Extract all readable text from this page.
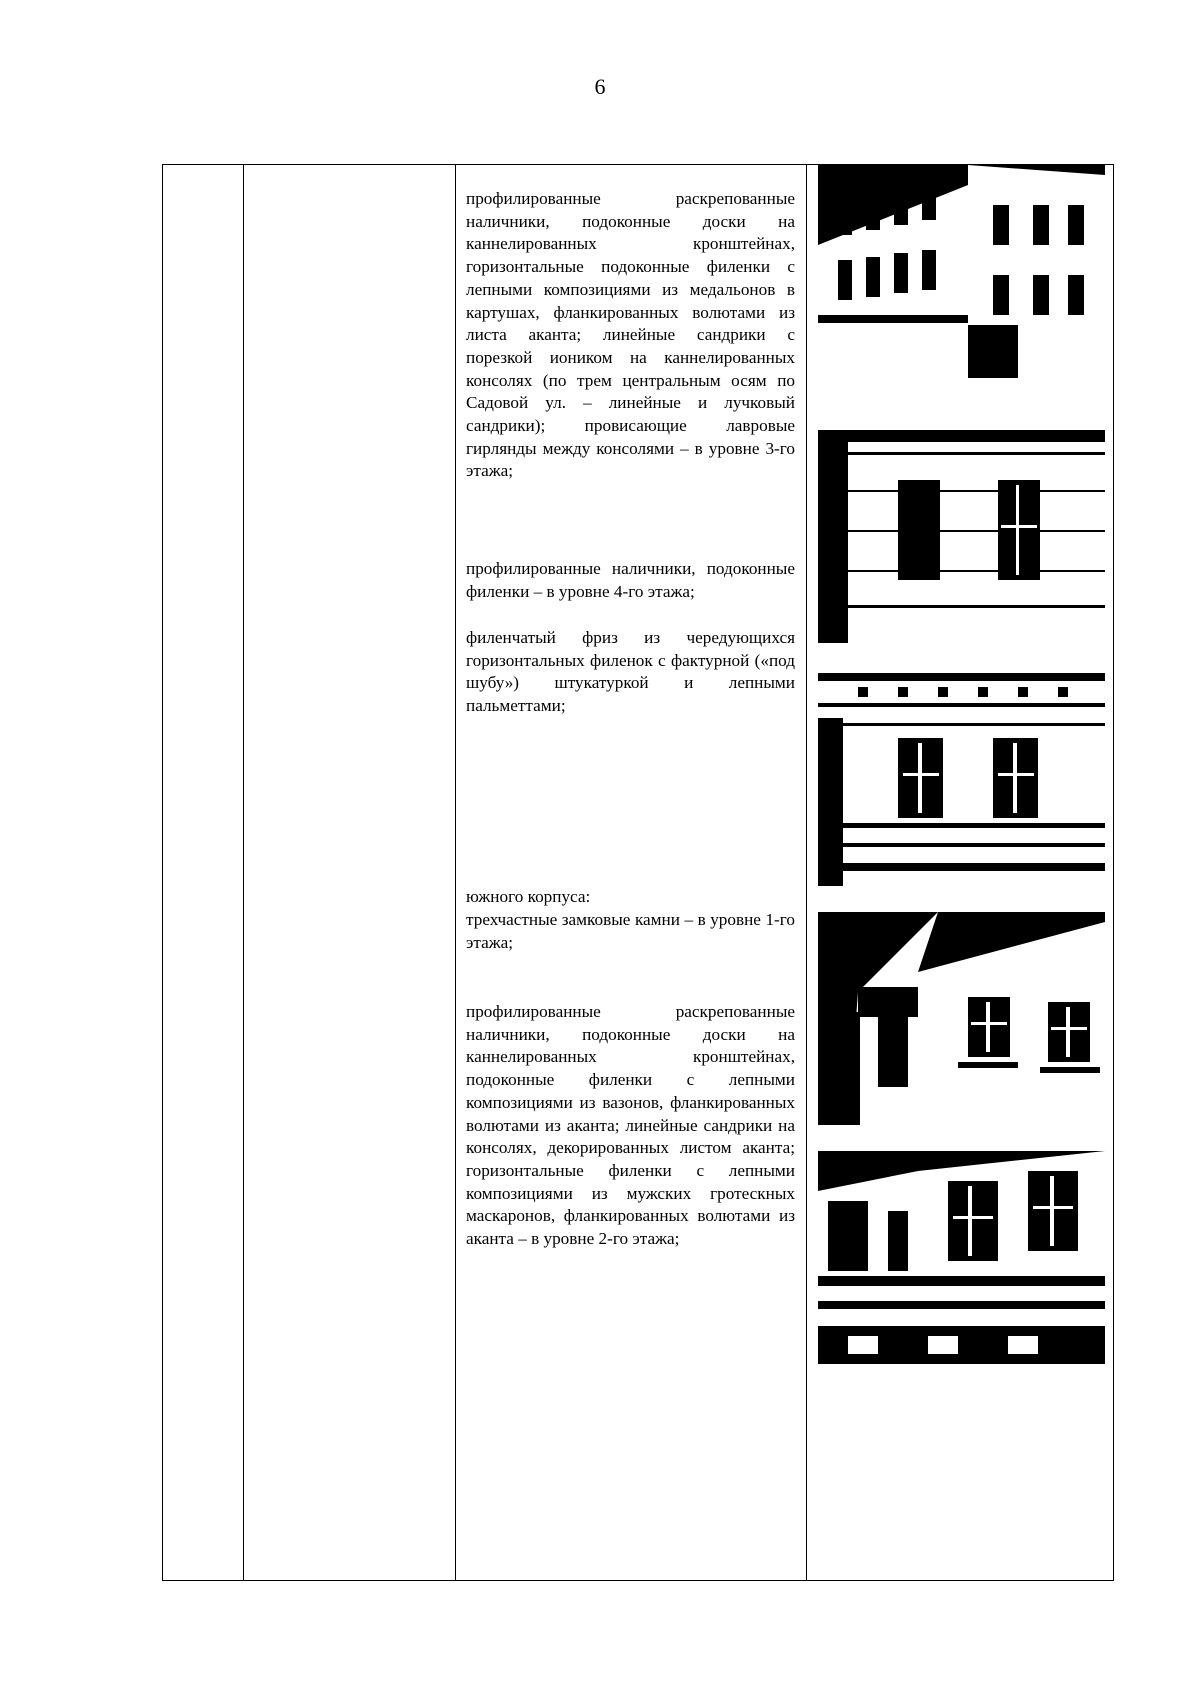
6

профилированные раскрепованные наличники, подоконные доски на каннелированных кронштейнах, горизонтальные подоконные филенки с лепными композициями из медальонов в картушах, фланкированных волютами из листа аканта; линейные сандрики с порезкой иоником на каннелированных консолях (по трем центральным осям по Садовой ул. – линейные и лучковый сандрики); провисающие лавровые гирлянды между консолями – в уровне 3-го этажа;

профилированные наличники, подоконные филенки – в уровне 4-го этажа;

филенчатый фриз из чередующихся горизонтальных филенок с фактурной («под шубу») штукатуркой и лепными пальметтами;

южного корпуса:

трехчастные замковые камни – в уровне 1-го этажа;

профилированные раскрепованные наличники, подоконные доски на каннелированных кронштейнах, подоконные филенки с лепными композициями из вазонов, фланкированных волютами из аканта; линейные сандрики на консолях, декорированных листом аканта; горизонтальные филенки с лепными композициями из мужских гротескных маскаронов, фланкированных волютами из аканта – в уровне 2-го этажа;
